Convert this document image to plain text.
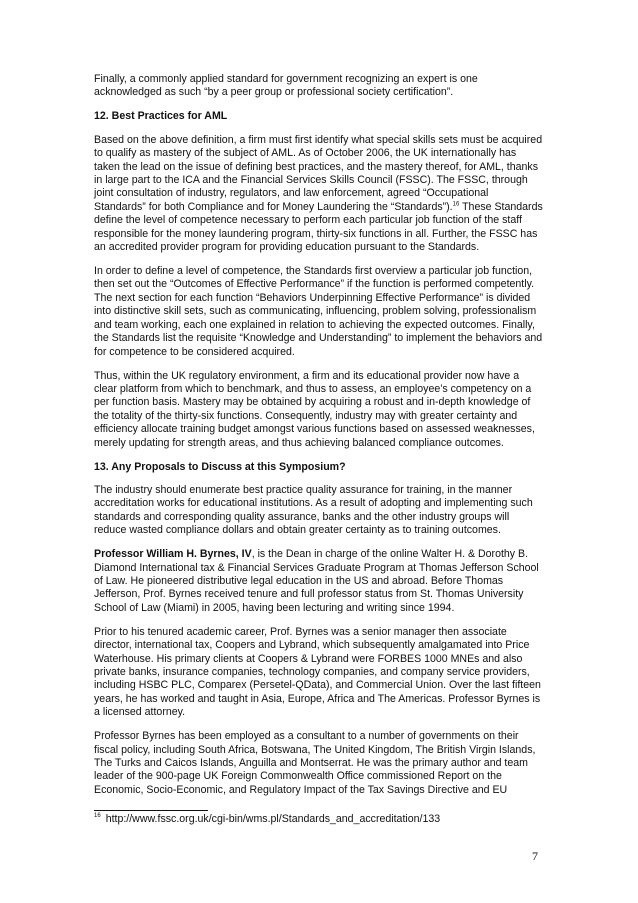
Finally, a commonly applied standard for government recognizing an expert is one acknowledged as such “by a peer group or professional society certification”.

12. Best Practices for AML

Based on the above definition, a firm must first identify what special skills sets must be acquired to qualify as mastery of the subject of AML. As of October 2006, the UK internationally has taken the lead on the issue of defining best practices, and the mastery thereof, for AML, thanks in large part to the ICA and the Financial Services Skills Council (FSSC). The FSSC, through joint consultation of industry, regulators, and law enforcement, agreed “Occupational Standards” for both Compliance and for Money Laundering the “Standards”).$^{16}$ These Standards define the level of competence necessary to perform each particular job function of the staff responsible for the money laundering program, thirty-six functions in all. Further, the FSSC has an accredited provider program for providing education pursuant to the Standards.

In order to define a level of competence, the Standards first overview a particular job function, then set out the “Outcomes of Effective Performance” if the function is performed competently. The next section for each function “Behaviors Underpinning Effective Performance” is divided into distinctive skill sets, such as communicating, influencing, problem solving, professionalism and team working, each one explained in relation to achieving the expected outcomes. Finally, the Standards list the requisite “Knowledge and Understanding” to implement the behaviors and for competence to be considered acquired.

Thus, within the UK regulatory environment, a firm and its educational provider now have a clear platform from which to benchmark, and thus to assess, an employee’s competency on a per function basis. Mastery may be obtained by acquiring a robust and in-depth knowledge of the totality of the thirty-six functions. Consequently, industry may with greater certainty and efficiency allocate training budget amongst various functions based on assessed weaknesses, merely updating for strength areas, and thus achieving balanced compliance outcomes.

13. Any Proposals to Discuss at this Symposium?

The industry should enumerate best practice quality assurance for training, in the manner accreditation works for educational institutions. As a result of adopting and implementing such standards and corresponding quality assurance, banks and the other industry groups will reduce wasted compliance dollars and obtain greater certainty as to training outcomes.

Professor William H. Byrnes, IV, is the Dean in charge of the online Walter H. & Dorothy B. Diamond International tax & Financial Services Graduate Program at Thomas Jefferson School of Law. He pioneered distributive legal education in the US and abroad. Before Thomas Jefferson, Prof. Byrnes received tenure and full professor status from St. Thomas University School of Law (Miami) in 2005, having been lecturing and writing since 1994.

Prior to his tenured academic career, Prof. Byrnes was a senior manager then associate director, international tax, Coopers and Lybrand, which subsequently amalgamated into Price Waterhouse. His primary clients at Coopers & Lybrand were FORBES 1000 MNEs and also private banks, insurance companies, technology companies, and company service providers, including HSBC PLC, Comparex (Persetel-QData), and Commercial Union. Over the last fifteen years, he has worked and taught in Asia, Europe, Africa and The Americas. Professor Byrnes is a licensed attorney.

Professor Byrnes has been employed as a consultant to a number of governments on their fiscal policy, including South Africa, Botswana, The United Kingdom, The British Virgin Islands, The Turks and Caicos Islands, Anguilla and Montserrat. He was the primary author and team leader of the 900-page UK Foreign Commonwealth Office commissioned Report on the Economic, Socio-Economic, and Regulatory Impact of the Tax Savings Directive and EU

$^{16}$ http://www.fssc.org.uk/cgi-bin/wms.pl/Standards_and_accreditation/133
7
